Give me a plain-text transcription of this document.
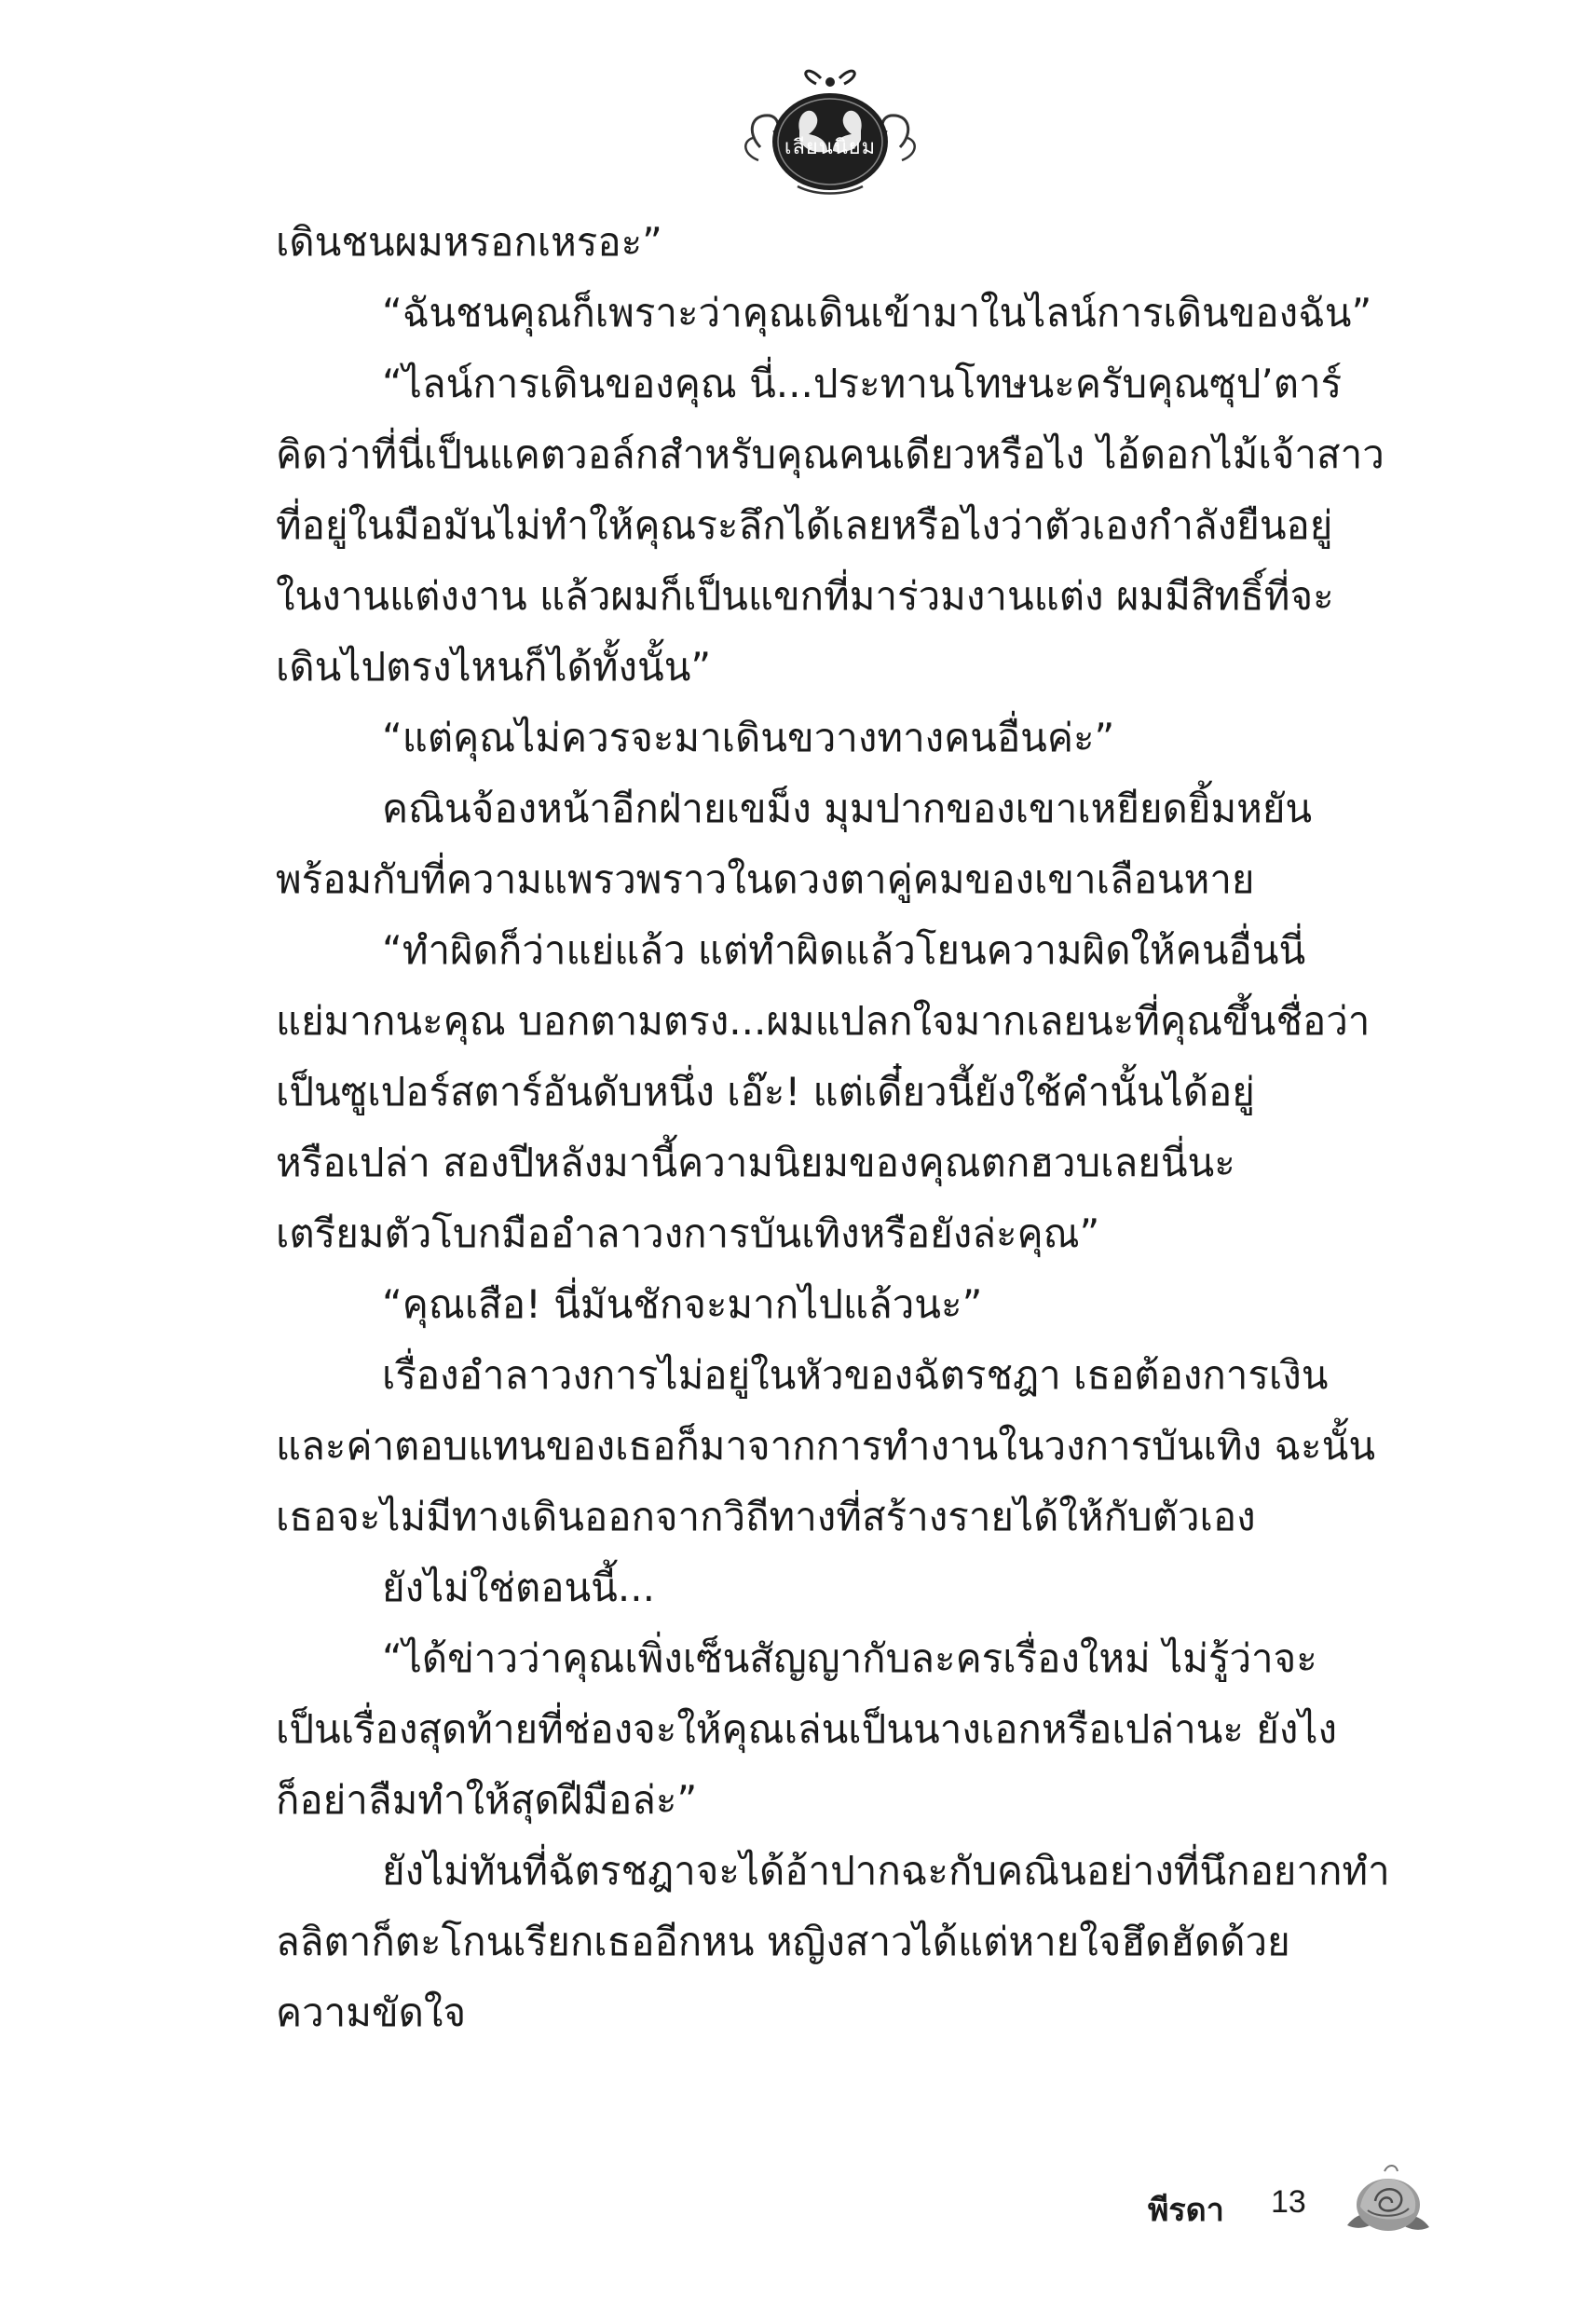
เลียนนิยม
เดินชนผมหรอกเหรอะ”
“ฉันชนคุณก็เพราะว่าคุณเดินเข้ามาในไลน์การเดินของฉัน”
“ไลน์การเดินของคุณ นี่...ประทานโทษนะครับคุณซุป’ตาร์
คิดว่าที่นี่เป็นแคตวอล์กสำหรับคุณคนเดียวหรือไง ไอ้ดอกไม้เจ้าสาว
ที่อยู่ในมือมันไม่ทำให้คุณระลึกได้เลยหรือไงว่าตัวเองกำลังยืนอยู่
ในงานแต่งงาน แล้วผมก็เป็นแขกที่มาร่วมงานแต่ง ผมมีสิทธิ์ที่จะ
เดินไปตรงไหนก็ได้ทั้งนั้น”
“แต่คุณไม่ควรจะมาเดินขวางทางคนอื่นค่ะ”
คณินจ้องหน้าอีกฝ่ายเขม็ง มุมปากของเขาเหยียดยิ้มหยัน
พร้อมกับที่ความแพรวพราวในดวงตาคู่คมของเขาเลือนหาย
“ทำผิดก็ว่าแย่แล้ว แต่ทำผิดแล้วโยนความผิดให้คนอื่นนี่
แย่มากนะคุณ บอกตามตรง...ผมแปลกใจมากเลยนะที่คุณขึ้นชื่อว่า
เป็นซูเปอร์สตาร์อันดับหนึ่ง เอ๊ะ! แต่เดี๋ยวนี้ยังใช้คำนั้นได้อยู่
หรือเปล่า สองปีหลังมานี้ความนิยมของคุณตกฮวบเลยนี่นะ
เตรียมตัวโบกมืออำลาวงการบันเทิงหรือยังล่ะคุณ”
“คุณเสือ! นี่มันชักจะมากไปแล้วนะ”
เรื่องอำลาวงการไม่อยู่ในหัวของฉัตรชฎา เธอต้องการเงิน
และค่าตอบแทนของเธอก็มาจากการทำงานในวงการบันเทิง ฉะนั้น
เธอจะไม่มีทางเดินออกจากวิถีทางที่สร้างรายได้ให้กับตัวเอง
ยังไม่ใช่ตอนนี้...
“ได้ข่าวว่าคุณเพิ่งเซ็นสัญญากับละครเรื่องใหม่ ไม่รู้ว่าจะ
เป็นเรื่องสุดท้ายที่ช่องจะให้คุณเล่นเป็นนางเอกหรือเปล่านะ ยังไง
ก็อย่าลืมทำให้สุดฝีมือล่ะ”
ยังไม่ทันที่ฉัตรชฎาจะได้อ้าปากฉะกับคณินอย่างที่นึกอยากทำ
ลลิตาก็ตะโกนเรียกเธออีกหน หญิงสาวได้แต่หายใจฮึดฮัดด้วย
ความขัดใจ
พีรดา 13
